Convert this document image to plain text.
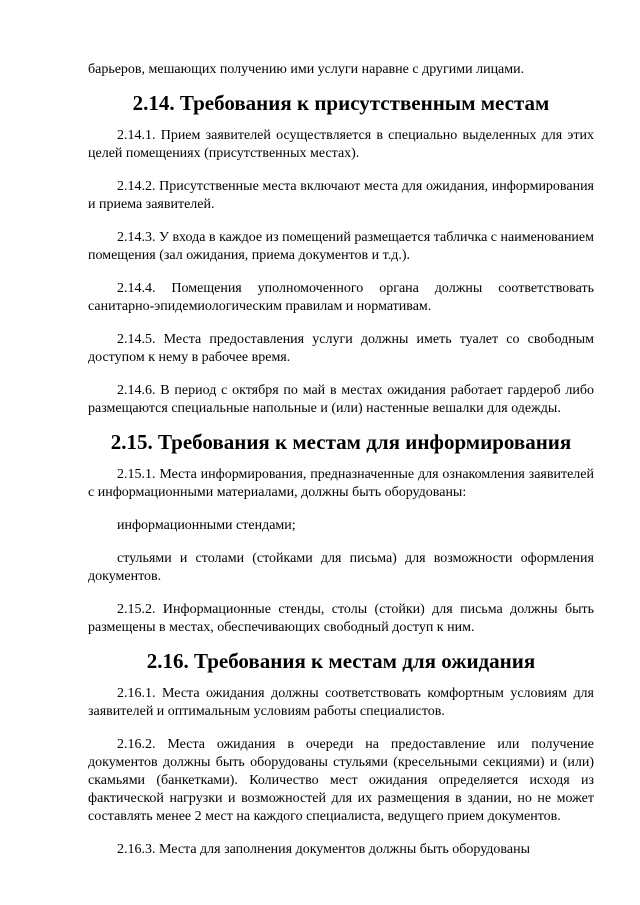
барьеров, мешающих получению ими услуги наравне с другими лицами.

2.14. Требования к присутственным местам

2.14.1. Прием заявителей осуществляется в специально выделенных для этих целей помещениях (присутственных местах).

2.14.2. Присутственные места включают места для ожидания, информирования и приема заявителей.

2.14.3. У входа в каждое из помещений размещается табличка с наименованием помещения (зал ожидания, приема документов и т.д.).

2.14.4. Помещения уполномоченного органа должны соответствовать санитарно-эпидемиологическим правилам и нормативам.

2.14.5. Места предоставления услуги должны иметь туалет со свободным доступом к нему в рабочее время.

2.14.6. В период с октября по май в местах ожидания работает гардероб либо размещаются специальные напольные и (или) настенные вешалки для одежды.

2.15. Требования к местам для информирования

2.15.1. Места информирования, предназначенные для ознакомления заявителей с информационными материалами, должны быть оборудованы:

информационными стендами;

стульями и столами (стойками для письма) для возможности оформления документов.

2.15.2. Информационные стенды, столы (стойки) для письма должны быть размещены в местах, обеспечивающих свободный доступ к ним.

2.16. Требования к местам для ожидания

2.16.1. Места ожидания должны соответствовать комфортным условиям для заявителей и оптимальным условиям работы специалистов.

2.16.2. Места ожидания в очереди на предоставление или получение документов должны быть оборудованы стульями (кресельными секциями) и (или) скамьями (банкетками). Количество мест ожидания определяется исходя из фактической нагрузки и возможностей для их размещения в здании, но не может составлять менее 2 мест на каждого специалиста, ведущего прием документов.

2.16.3. Места для заполнения документов должны быть оборудованы
